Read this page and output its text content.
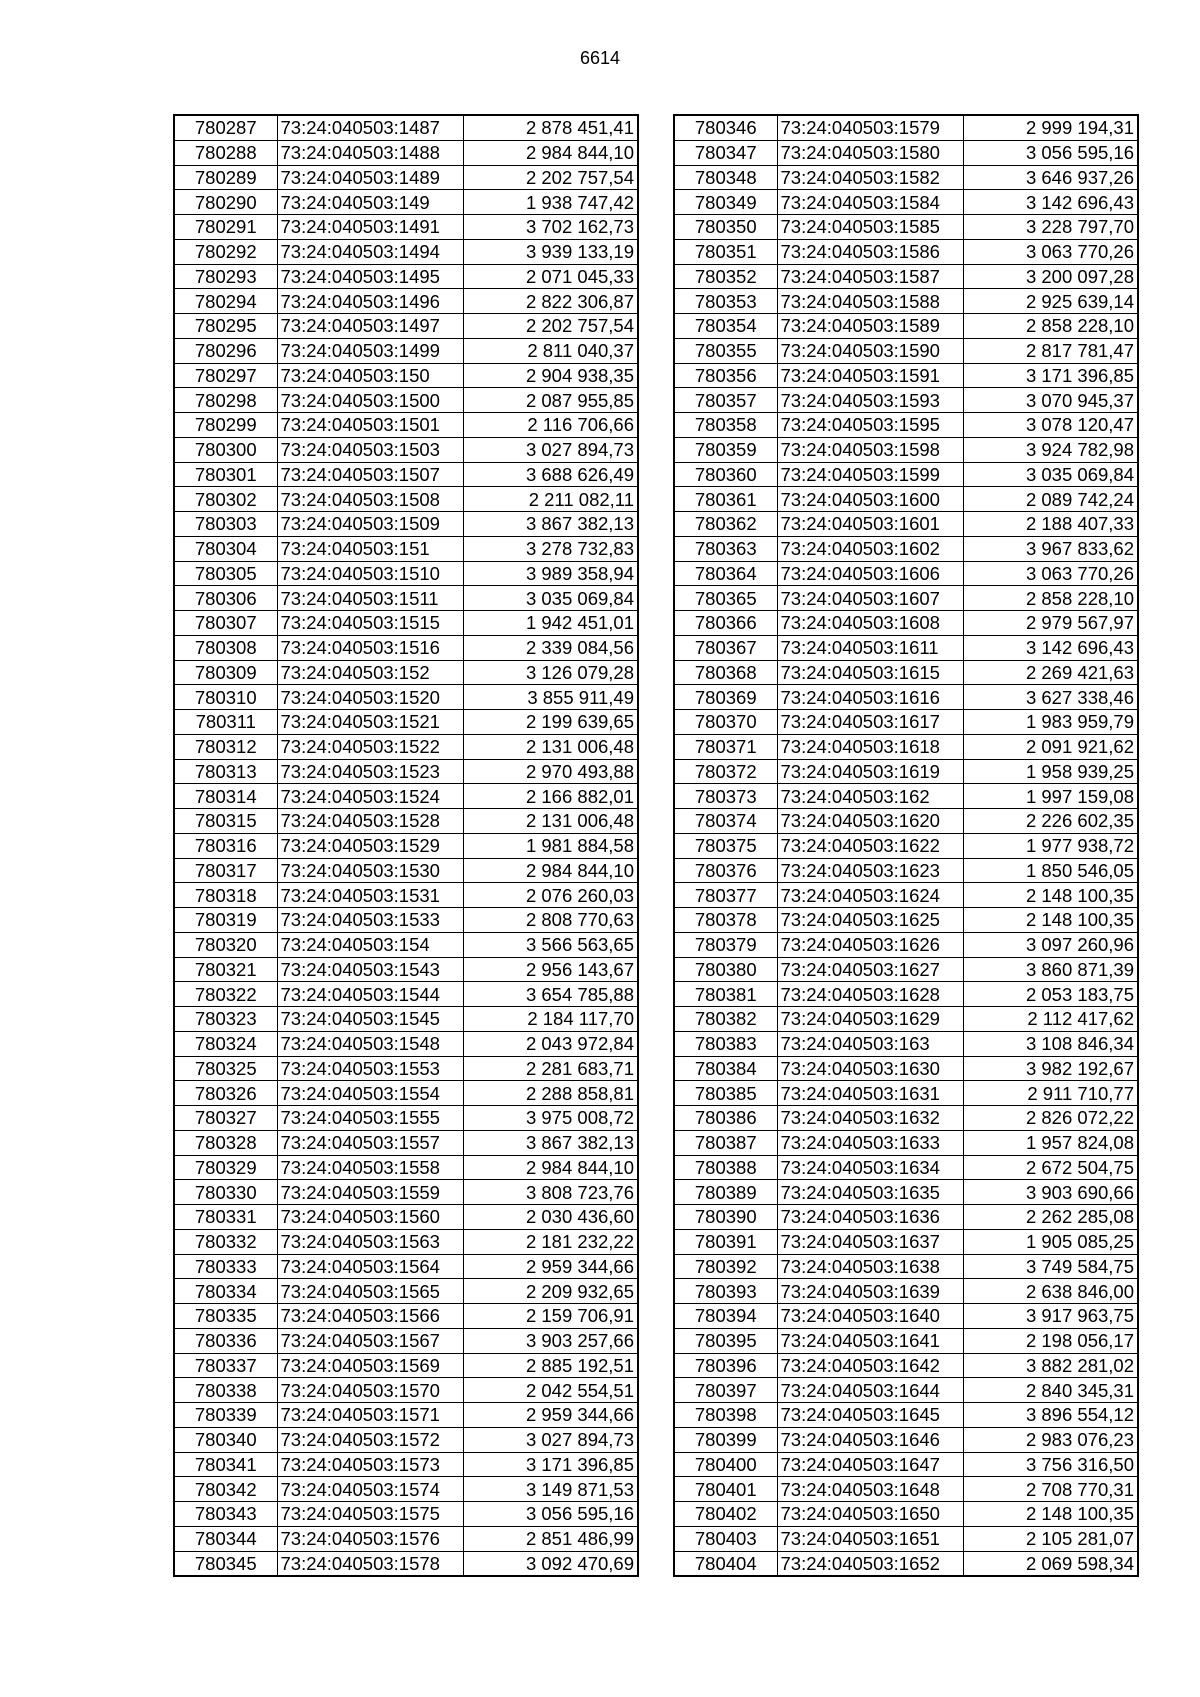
6614
780287	73:24:040503:1487	2 878 451,41
780288	73:24:040503:1488	2 984 844,10
780289	73:24:040503:1489	2 202 757,54
780290	73:24:040503:149	1 938 747,42
780291	73:24:040503:1491	3 702 162,73
780292	73:24:040503:1494	3 939 133,19
780293	73:24:040503:1495	2 071 045,33
780294	73:24:040503:1496	2 822 306,87
780295	73:24:040503:1497	2 202 757,54
780296	73:24:040503:1499	2 811 040,37
780297	73:24:040503:150	2 904 938,35
780298	73:24:040503:1500	2 087 955,85
780299	73:24:040503:1501	2 116 706,66
780300	73:24:040503:1503	3 027 894,73
780301	73:24:040503:1507	3 688 626,49
780302	73:24:040503:1508	2 211 082,11
780303	73:24:040503:1509	3 867 382,13
780304	73:24:040503:151	3 278 732,83
780305	73:24:040503:1510	3 989 358,94
780306	73:24:040503:1511	3 035 069,84
780307	73:24:040503:1515	1 942 451,01
780308	73:24:040503:1516	2 339 084,56
780309	73:24:040503:152	3 126 079,28
780310	73:24:040503:1520	3 855 911,49
780311	73:24:040503:1521	2 199 639,65
780312	73:24:040503:1522	2 131 006,48
780313	73:24:040503:1523	2 970 493,88
780314	73:24:040503:1524	2 166 882,01
780315	73:24:040503:1528	2 131 006,48
780316	73:24:040503:1529	1 981 884,58
780317	73:24:040503:1530	2 984 844,10
780318	73:24:040503:1531	2 076 260,03
780319	73:24:040503:1533	2 808 770,63
780320	73:24:040503:154	3 566 563,65
780321	73:24:040503:1543	2 956 143,67
780322	73:24:040503:1544	3 654 785,88
780323	73:24:040503:1545	2 184 117,70
780324	73:24:040503:1548	2 043 972,84
780325	73:24:040503:1553	2 281 683,71
780326	73:24:040503:1554	2 288 858,81
780327	73:24:040503:1555	3 975 008,72
780328	73:24:040503:1557	3 867 382,13
780329	73:24:040503:1558	2 984 844,10
780330	73:24:040503:1559	3 808 723,76
780331	73:24:040503:1560	2 030 436,60
780332	73:24:040503:1563	2 181 232,22
780333	73:24:040503:1564	2 959 344,66
780334	73:24:040503:1565	2 209 932,65
780335	73:24:040503:1566	2 159 706,91
780336	73:24:040503:1567	3 903 257,66
780337	73:24:040503:1569	2 885 192,51
780338	73:24:040503:1570	2 042 554,51
780339	73:24:040503:1571	2 959 344,66
780340	73:24:040503:1572	3 027 894,73
780341	73:24:040503:1573	3 171 396,85
780342	73:24:040503:1574	3 149 871,53
780343	73:24:040503:1575	3 056 595,16
780344	73:24:040503:1576	2 851 486,99
780345	73:24:040503:1578	3 092 470,69
780346	73:24:040503:1579	2 999 194,31
780347	73:24:040503:1580	3 056 595,16
780348	73:24:040503:1582	3 646 937,26
780349	73:24:040503:1584	3 142 696,43
780350	73:24:040503:1585	3 228 797,70
780351	73:24:040503:1586	3 063 770,26
780352	73:24:040503:1587	3 200 097,28
780353	73:24:040503:1588	2 925 639,14
780354	73:24:040503:1589	2 858 228,10
780355	73:24:040503:1590	2 817 781,47
780356	73:24:040503:1591	3 171 396,85
780357	73:24:040503:1593	3 070 945,37
780358	73:24:040503:1595	3 078 120,47
780359	73:24:040503:1598	3 924 782,98
780360	73:24:040503:1599	3 035 069,84
780361	73:24:040503:1600	2 089 742,24
780362	73:24:040503:1601	2 188 407,33
780363	73:24:040503:1602	3 967 833,62
780364	73:24:040503:1606	3 063 770,26
780365	73:24:040503:1607	2 858 228,10
780366	73:24:040503:1608	2 979 567,97
780367	73:24:040503:1611	3 142 696,43
780368	73:24:040503:1615	2 269 421,63
780369	73:24:040503:1616	3 627 338,46
780370	73:24:040503:1617	1 983 959,79
780371	73:24:040503:1618	2 091 921,62
780372	73:24:040503:1619	1 958 939,25
780373	73:24:040503:162	1 997 159,08
780374	73:24:040503:1620	2 226 602,35
780375	73:24:040503:1622	1 977 938,72
780376	73:24:040503:1623	1 850 546,05
780377	73:24:040503:1624	2 148 100,35
780378	73:24:040503:1625	2 148 100,35
780379	73:24:040503:1626	3 097 260,96
780380	73:24:040503:1627	3 860 871,39
780381	73:24:040503:1628	2 053 183,75
780382	73:24:040503:1629	2 112 417,62
780383	73:24:040503:163	3 108 846,34
780384	73:24:040503:1630	3 982 192,67
780385	73:24:040503:1631	2 911 710,77
780386	73:24:040503:1632	2 826 072,22
780387	73:24:040503:1633	1 957 824,08
780388	73:24:040503:1634	2 672 504,75
780389	73:24:040503:1635	3 903 690,66
780390	73:24:040503:1636	2 262 285,08
780391	73:24:040503:1637	1 905 085,25
780392	73:24:040503:1638	3 749 584,75
780393	73:24:040503:1639	2 638 846,00
780394	73:24:040503:1640	3 917 963,75
780395	73:24:040503:1641	2 198 056,17
780396	73:24:040503:1642	3 882 281,02
780397	73:24:040503:1644	2 840 345,31
780398	73:24:040503:1645	3 896 554,12
780399	73:24:040503:1646	2 983 076,23
780400	73:24:040503:1647	3 756 316,50
780401	73:24:040503:1648	2 708 770,31
780402	73:24:040503:1650	2 148 100,35
780403	73:24:040503:1651	2 105 281,07
780404	73:24:040503:1652	2 069 598,34
